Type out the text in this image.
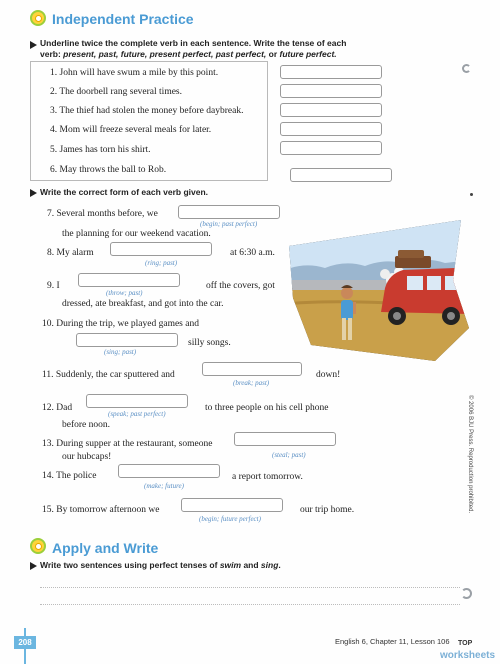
Independent Practice
Underline twice the complete verb in each sentence. Write the tense of each
verb: present, past, future, present perfect, past perfect, or future perfect.
1. John will have swum a mile by this point.
2. The doorbell rang several times.
3. The thief had stolen the money before daybreak.
4. Mom will freeze several meals for later.
5. James has torn his shirt.
6. May throws the ball to Rob.
Write the correct form of each verb given.
7. Several months before, we
(begin; past perfect)
the planning for our weekend vacation.
8. My alarm
(ring; past)
at 6:30 a.m.
9. I
(throw; past)
off the covers, got
dressed, ate breakfast, and got into the car.
10. During the trip, we played games and
(sing; past)
silly songs.
11. Suddenly, the car sputtered and
(break; past)
down!
12. Dad
(speak; past perfect)
to three people on his cell phone
before noon.
13. During supper at the restaurant, someone
(steal; past)
our hubcaps!
14. The police
(make; future)
a report tomorrow.
15. By tomorrow afternoon we
(begin; future perfect)
our trip home.
Apply and Write
Write two sentences using perfect tenses of swim and sing.
208	English 6, Chapter 11, Lesson 106 TOP
worksheets
© 2006 BJU Press. Reproduction prohibited.
